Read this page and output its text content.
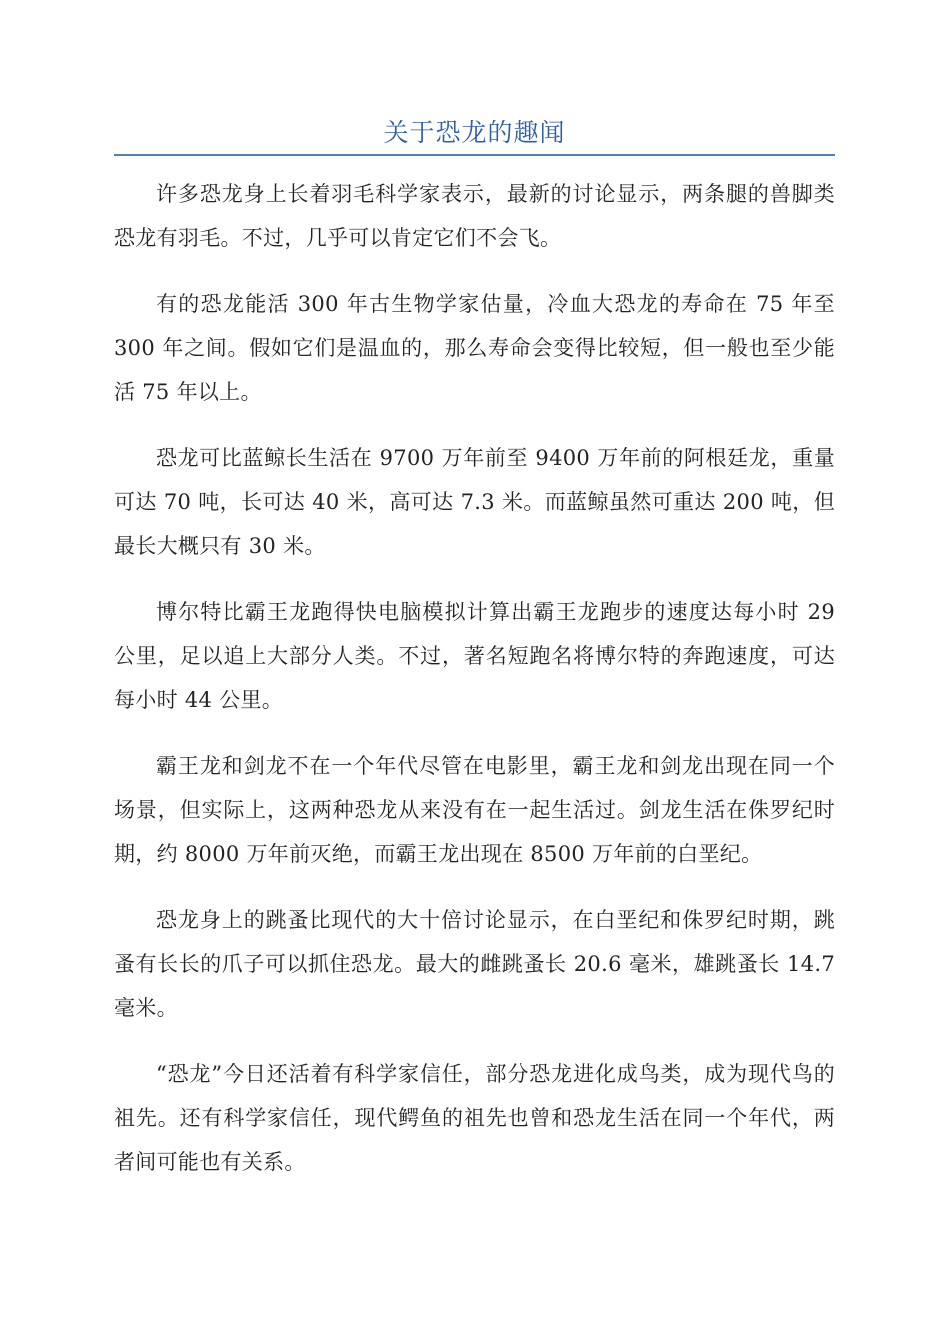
关于恐龙的趣闻

许多恐龙身上长着羽毛科学家表示，最新的讨论显示，两条腿的兽脚类恐龙有羽毛。不过，几乎可以肯定它们不会飞。

有的恐龙能活 300 年古生物学家估量，冷血大恐龙的寿命在 75 年至 300 年之间。假如它们是温血的，那么寿命会变得比较短，但一般也至少能活 75 年以上。

恐龙可比蓝鲸长生活在 9700 万年前至 9400 万年前的阿根廷龙，重量可达 70 吨，长可达 40 米，高可达 7.3 米。而蓝鲸虽然可重达 200 吨，但最长大概只有 30 米。

博尔特比霸王龙跑得快电脑模拟计算出霸王龙跑步的速度达每小时 29 公里，足以追上大部分人类。不过，著名短跑名将博尔特的奔跑速度，可达每小时 44 公里。

霸王龙和剑龙不在一个年代尽管在电影里，霸王龙和剑龙出现在同一个场景，但实际上，这两种恐龙从来没有在一起生活过。剑龙生活在侏罗纪时期，约 8000 万年前灭绝，而霸王龙出现在 8500 万年前的白垩纪。

恐龙身上的跳蚤比现代的大十倍讨论显示，在白垩纪和侏罗纪时期，跳蚤有长长的爪子可以抓住恐龙。最大的雌跳蚤长 20.6 毫米，雄跳蚤长 14.7 毫米。

“恐龙”今日还活着有科学家信任，部分恐龙进化成鸟类，成为现代鸟的祖先。还有科学家信任，现代鳄鱼的祖先也曾和恐龙生活在同一个年代，两者间可能也有关系。
